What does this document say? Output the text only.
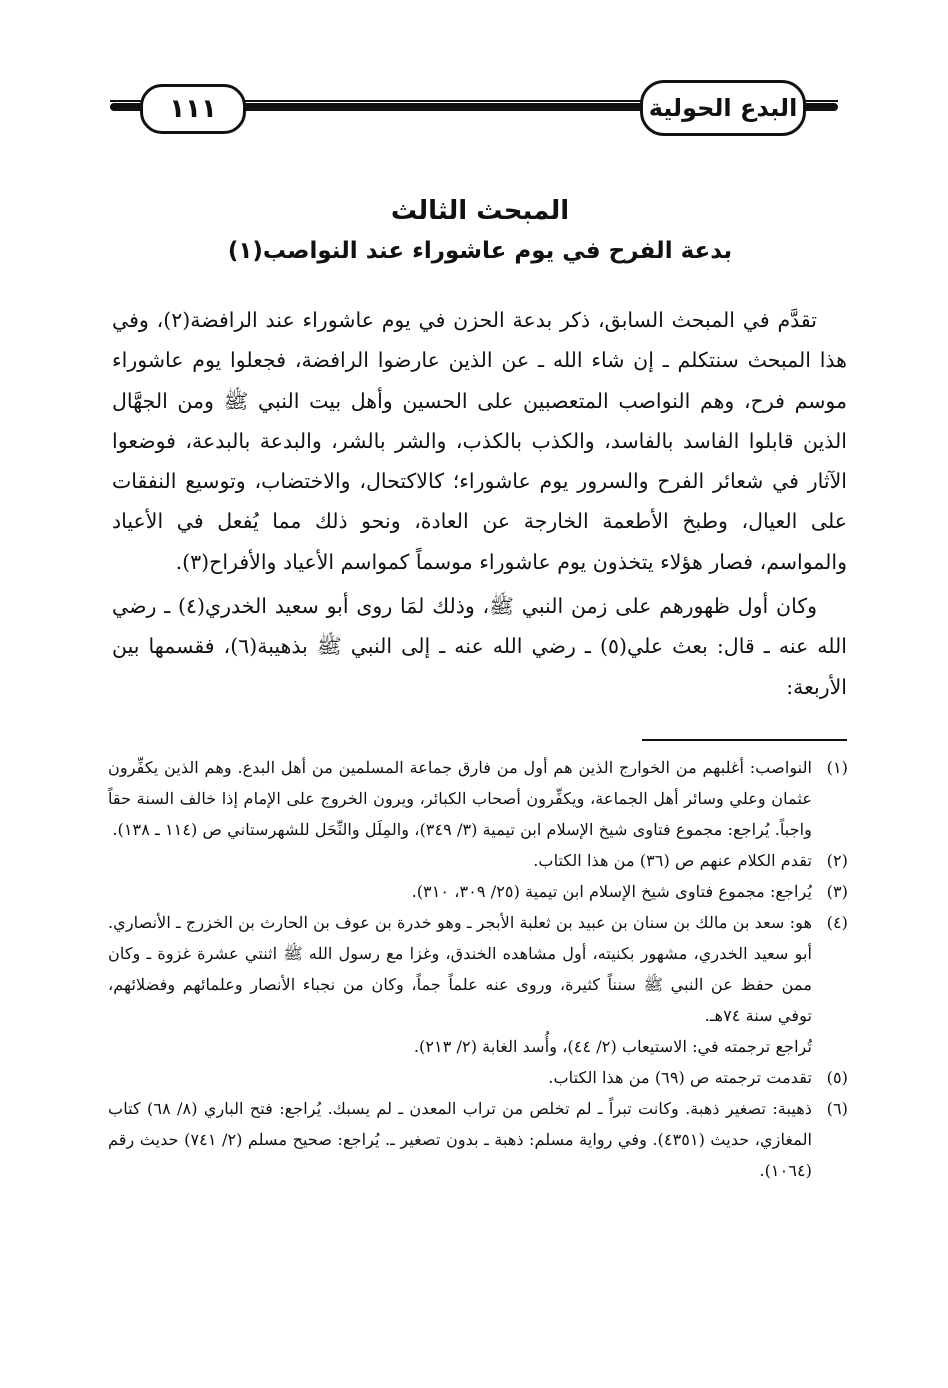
١١١	البدع الحولية
المبحث الثالث
بدعة الفرح في يوم عاشوراء عند النواصب(١)

تقدَّم في المبحث السابق، ذكر بدعة الحزن في يوم عاشوراء عند الرافضة(٢)، وفي هذا المبحث سنتكلم ـ إن شاء الله ـ عن الذين عارضوا الرافضة، فجعلوا يوم عاشوراء موسم فرح، وهم النواصب المتعصبين على الحسين وأهل بيت النبي ﷺ ومن الجهَّال الذين قابلوا الفاسد بالفاسد، والكذب بالكذب، والشر بالشر، والبدعة بالبدعة، فوضعوا الآثار في شعائر الفرح والسرور يوم عاشوراء؛ كالاكتحال، والاختضاب، وتوسيع النفقات على العيال، وطبخ الأطعمة الخارجة عن العادة، ونحو ذلك مما يُفعل في الأعياد والمواسم، فصار هؤلاء يتخذون يوم عاشوراء موسماً كمواسم الأعياد والأفراح(٣).

وكان أول ظهورهم على زمن النبي ﷺ، وذلك لمَا روى أبو سعيد الخدري(٤) ـ رضي الله عنه ـ قال: بعث علي(٥) ـ رضي الله عنه ـ إلى النبي ﷺ بذهيبة(٦)، فقسمها بين الأربعة:

(١)
النواصب: أغلبهم من الخوارج الذين هم أول من فارق جماعة المسلمين من أهل البدع. وهم الذين يكفِّرون عثمان وعلي وسائر أهل الجماعة، ويكفِّرون أصحاب الكبائر، ويرون الخروج على الإمام إذا خالف السنة حقاً واجباً. يُراجع: مجموع فتاوى شيخ الإسلام ابن تيمية (٣/ ٣٤٩)، والمِلَل والنِّحَل للشهرستاني ص (١١٤ ـ ١٣٨).
(٢)
تقدم الكلام عنهم ص (٣٦) من هذا الكتاب.
(٣)
يُراجع: مجموع فتاوى شيخ الإسلام ابن تيمية (٢٥/ ٣٠٩، ٣١٠).
(٤)
هو: سعد بن مالك بن سنان بن عبيد بن ثعلبة الأبجر ـ وهو خدرة بن عوف بن الحارث بن الخزرج ـ الأنصاري. أبو سعيد الخدري، مشهور بكنيته، أول مشاهده الخندق، وغزا مع رسول الله ﷺ اثنتي عشرة غزوة ـ وكان ممن حفظ عن النبي ﷺ سنناً كثيرة، وروى عنه علماً جماً، وكان من نجباء الأنصار وعلمائهم وفضلائهم، توفي سنة ٧٤هـ.

تُراجع ترجمته في: الاستيعاب (٢/ ٤٤)، وأُسد الغابة (٢/ ٢١٣).

(٥)
تقدمت ترجمته ص (٦٩) من هذا الكتاب.
(٦)
ذهيبة: تصغير ذهبة. وكانت تبراً ـ لم تخلص من تراب المعدن ـ لم يسبك. يُراجع: فتح الباري (٨/ ٦٨) كتاب المغازي، حديث (٤٣٥١). وفي رواية مسلم: ذهبة ـ بدون تصغير ـ. يُراجع: صحيح مسلم (٢/ ٧٤١) حديث رقم (١٠٦٤).
